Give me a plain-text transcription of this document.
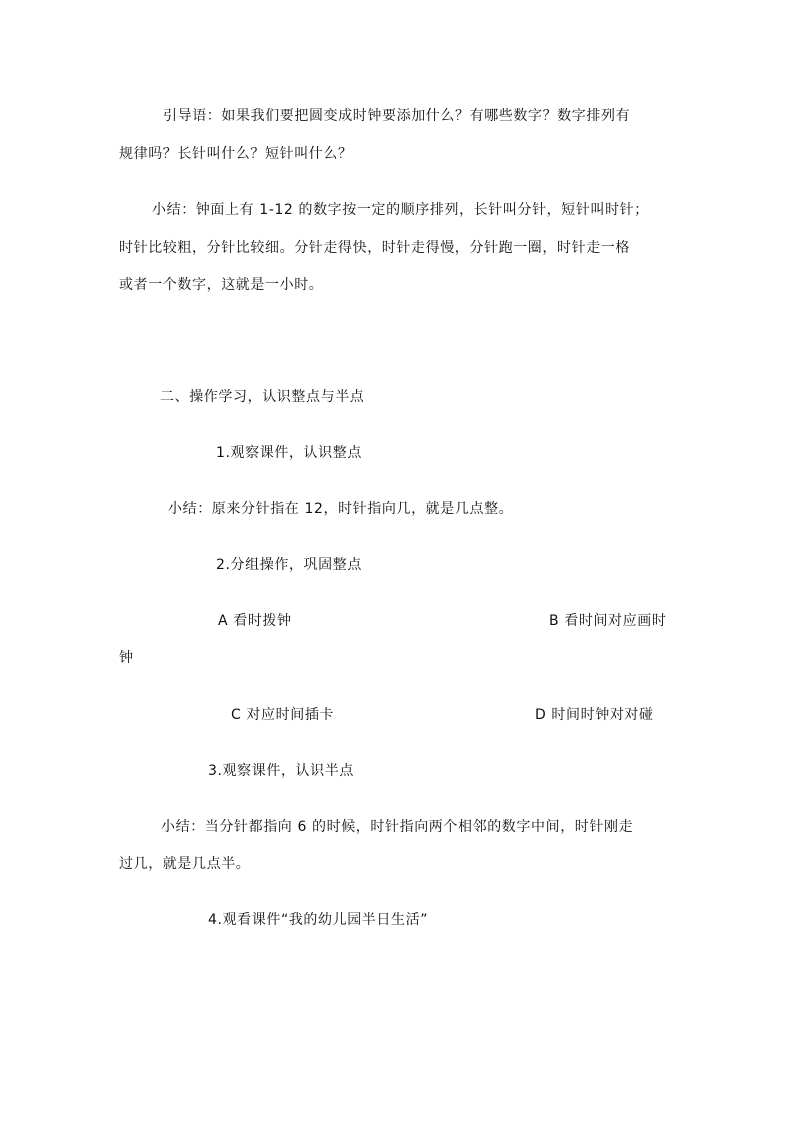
引导语：如果我们要把圆变成时钟要添加什么？有哪些数字？数字排列有
规律吗？长针叫什么？短针叫什么？
小结：钟面上有 1-12 的数字按一定的顺序排列，长针叫分针，短针叫时针；
时针比较粗，分针比较细。分针走得快，时针走得慢，分针跑一圈，时针走一格
或者一个数字，这就是一小时。
二、操作学习，认识整点与半点
1.观察课件，认识整点
小结：原来分针指在 12，时针指向几，就是几点整。
2.分组操作，巩固整点
A 看时拨钟	B 看时间对应画时
钟
C 对应时间插卡	D 时间时钟对对碰
3.观察课件，认识半点
小结：当分针都指向 6 的时候，时针指向两个相邻的数字中间，时针刚走
过几，就是几点半。
4.观看课件“我的幼儿园半日生活”
